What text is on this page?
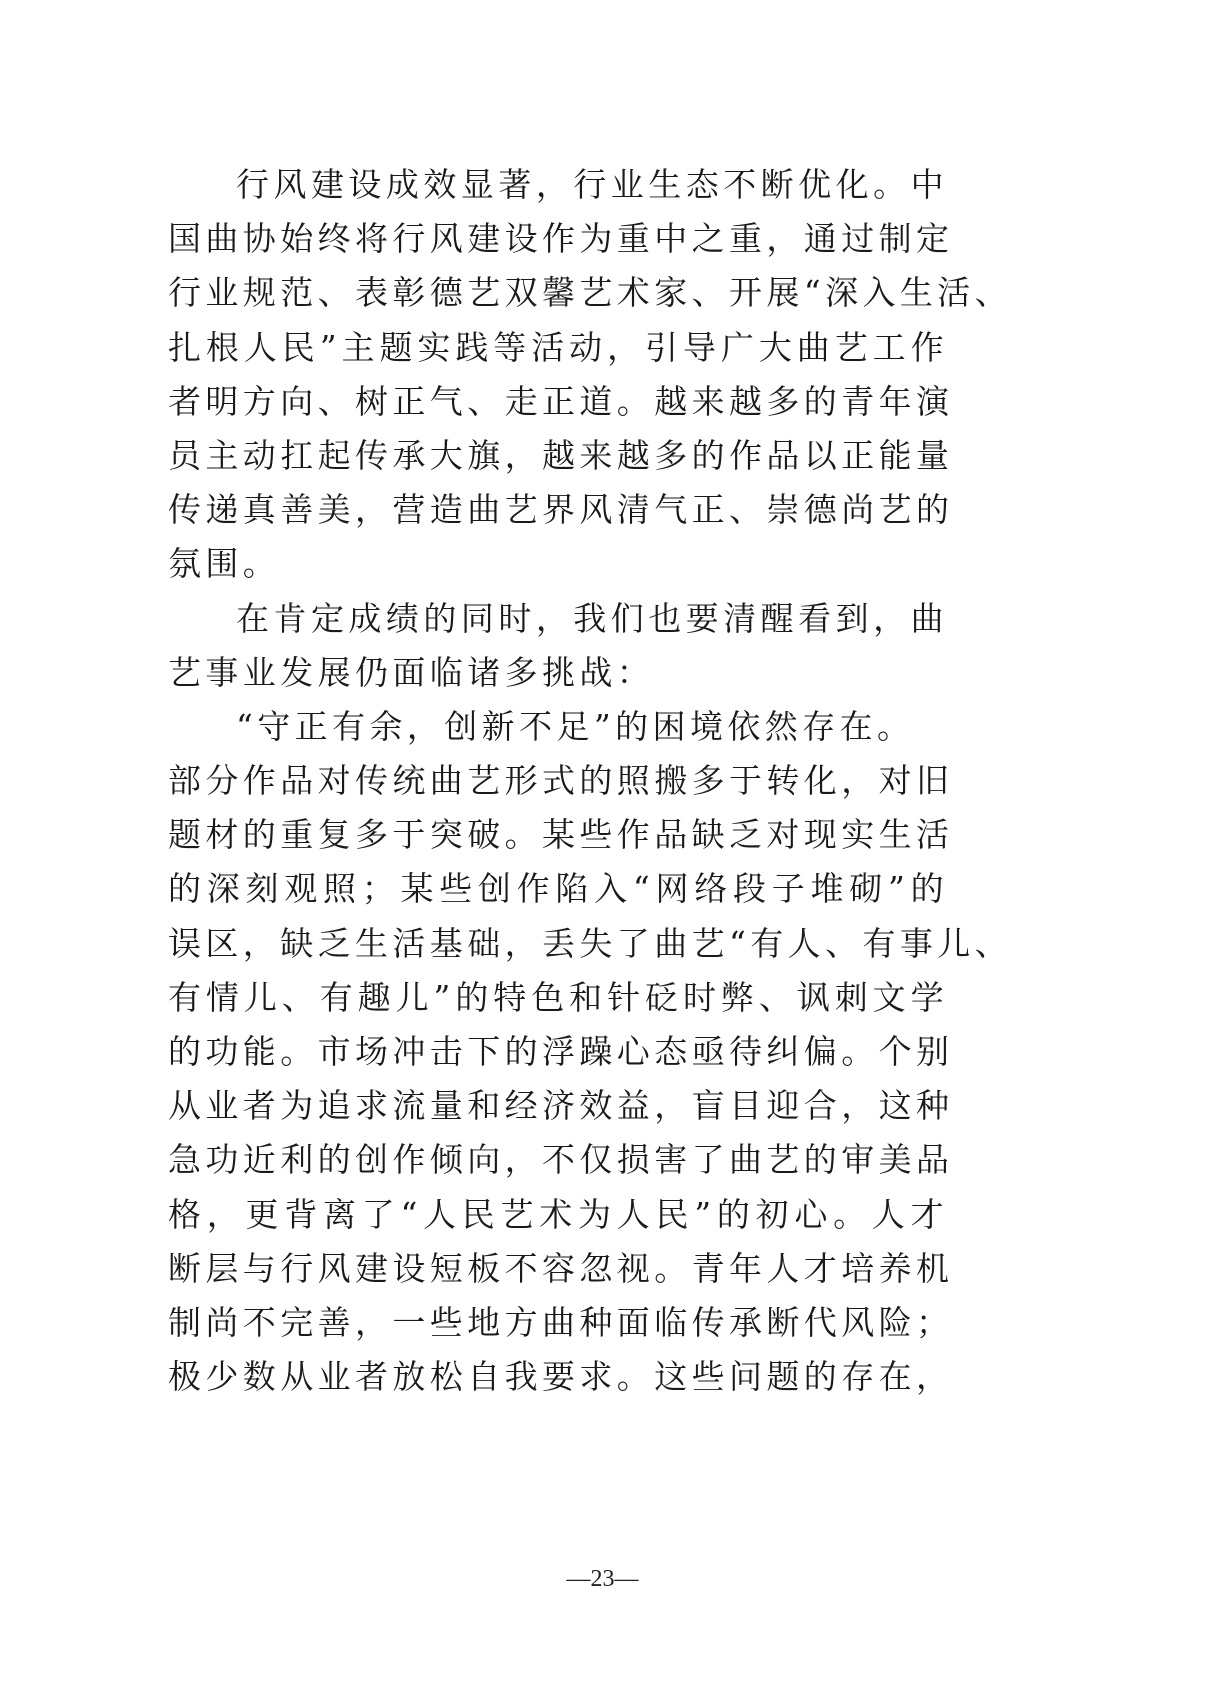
行风建设成效显著，行业生态不断优化。中
国曲协始终将行风建设作为重中之重，通过制定
行业规范、表彰德艺双馨艺术家、开展“深入生活、
扎根人民”主题实践等活动，引导广大曲艺工作
者明方向、树正气、走正道。越来越多的青年演
员主动扛起传承大旗，越来越多的作品以正能量
传递真善美，营造曲艺界风清气正、崇德尚艺的
氛围。
在肯定成绩的同时，我们也要清醒看到，曲
艺事业发展仍面临诸多挑战：
“守正有余，创新不足”的困境依然存在。
部分作品对传统曲艺形式的照搬多于转化，对旧
题材的重复多于突破。某些作品缺乏对现实生活
的深刻观照；某些创作陷入“网络段子堆砌”的
误区，缺乏生活基础，丢失了曲艺“有人、有事儿、
有情儿、有趣儿”的特色和针砭时弊、讽刺文学
的功能。市场冲击下的浮躁心态亟待纠偏。个别
从业者为追求流量和经济效益，盲目迎合，这种
急功近利的创作倾向，不仅损害了曲艺的审美品
格，更背离了“人民艺术为人民”的初心。人才
断层与行风建设短板不容忽视。青年人才培养机
制尚不完善，一些地方曲种面临传承断代风险；
极少数从业者放松自我要求。这些问题的存在，
—23—
